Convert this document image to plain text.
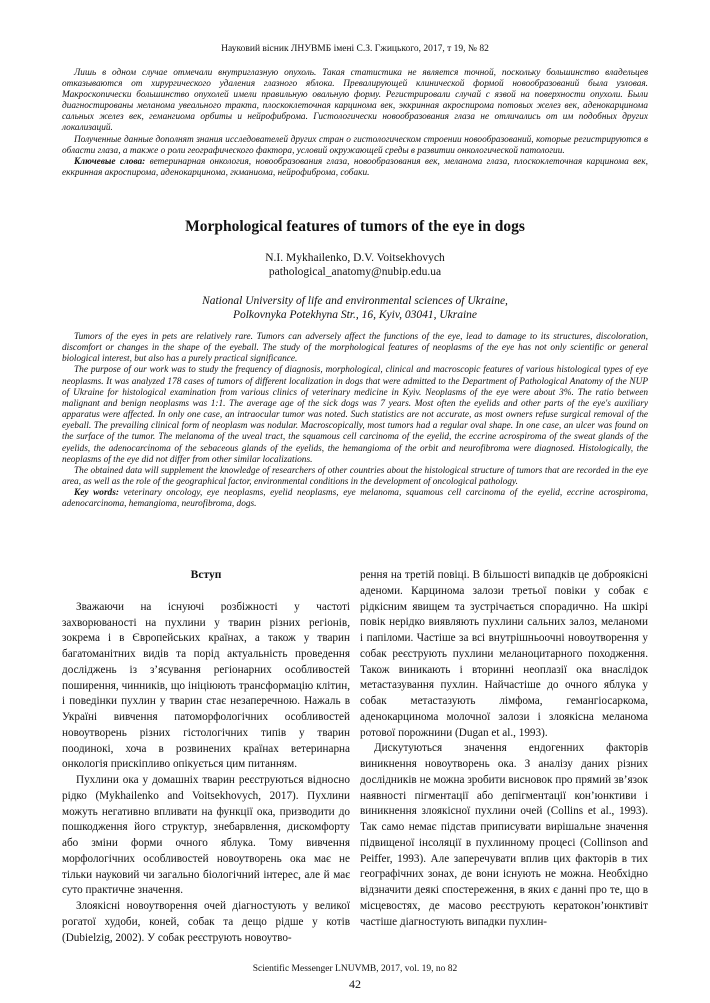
Науковий вісник ЛНУВМБ імені С.З. Гжицького, 2017, т 19, № 82

Лишь в одном случае отмечали внутриглазную опухоль. Такая статистика не является точной, поскольку большинство владельцев отказываются от хирургического удаления глазного яблока. Превалирующей клинической формой новообразований была узловая. Макроскопически большинство опухолей имели правильную овальную форму. Регистрировали случай с язвой на поверхности опухоли. Были диагностированы меланома увеального тракта, плоскоклеточная карцинома век, эккринная акроспирома потовых желез век, аденокарцинома сальных желез век, гемангиома орбиты и нейрофиброма. Гистологически новообразования глаза не отличались от им подобных других локализаций.

Полученные данные дополнят знания исследователей других стран о гистологическом строении новообразований, которые регистрируются в области глаза, а также о роли географического фактора, условий окружающей среды в развитии онкологической патологии.

Ключевые слова: ветеринарная онкология, новообразования глаза, новообразования век, меланома глаза, плоскоклеточная карцинома век, еккринная акроспирома, аденокарцинома, гкманиома, нейрофиброма, собаки.

Morphological features of tumors of the eye in dogs
N.I. Mykhailenko, D.V. Voitsekhovych
pathological_anatomy@nubip.edu.ua
National University of life and environmental sciences of Ukraine,
Polkovnyka Potekhyna Str., 16, Kyiv, 03041, Ukraine

Tumors of the eyes in pets are relatively rare. Tumors can adversely affect the functions of the eye, lead to damage to its structures, discoloration, discomfort or changes in the shape of the eyeball. The study of the morphological features of neoplasms of the eye has not only scientific or general biological interest, but also has a purely practical significance.

The purpose of our work was to study the frequency of diagnosis, morphological, clinical and macroscopic features of various histological types of eye neoplasms. It was analyzed 178 cases of tumors of different localization in dogs that were admitted to the Department of Pathological Anatomy of the NUP of Ukraine for histological examination from various clinics of veterinary medicine in Kyiv. Neoplasms of the eye were about 3%. The ratio between malignant and benign neoplasms was 1:1. The average age of the sick dogs was 7 years. Most often the eyelids and other parts of the eye's auxiliary apparatus were affected. In only one case, an intraocular tumor was noted. Such statistics are not accurate, as most owners refuse surgical removal of the eyeball. The prevailing clinical form of neoplasm was nodular. Macroscopically, most tumors had a regular oval shape. In one case, an ulcer was found on the surface of the tumor. The melanoma of the uveal tract, the squamous cell carcinoma of the eyelid, the eccrine acrospiroma of the sweat glands of the eyelids, the adenocarcinoma of the sebaceous glands of the eyelids, the hemangioma of the orbit and neurofibroma were diagnosed. Histologically, the neoplasms of the eye did not differ from other similar localizations.

The obtained data will supplement the knowledge of researchers of other countries about the histological structure of tumors that are recorded in the eye area, as well as the role of the geographical factor, environmental conditions in the development of oncological pathology.

Key words: veterinary oncology, eye neoplasms, eyelid neoplasms, eye melanoma, squamous cell carcinoma of the eyelid, eccrine acrospiroma, adenocarcinoma, hemangioma, neurofibroma, dogs.

Вступ

Зважаючи на існуючі розбіжності у частоті захворюваності на пухлини у тварин різних регіонів, зокрема і в Європейських країнах, а також у тварин багатоманітних видів та порід актуальність проведення досліджень із з’ясування регіонарних особливостей поширення, чинників, що ініціюють трансформацію клітин, і поведінки пухлин у тварин стає незаперечною. Нажаль в Україні вивчення патоморфологічних особливостей новоутворень різних гістологічних типів у тварин поодинокі, хоча в розвинених країнах ветеринарна онкологія прискіпливо опікується цим питанням.

Пухлини ока у домашніх тварин реєструються відносно рідко (Mykhailenko and Voitsekhovych, 2017). Пухлини можуть негативно впливати на функції ока, призводити до пошкодження його структур, знебарвлення, дискомфорту або зміни форми очного яблука. Тому вивчення морфологічних особливостей новоутворень ока має не тільки науковий чи загально біологічний інтерес, але й має суто практичне значення.

Злоякісні новоутворення очей діагностують у великої рогатої худоби, коней, собак та дещо рідше у котів (Dubielzig, 2002). У собак реєструють новоутво-

рення на третій повіці. В більшості випадків це доброякісні аденоми. Карцинома залози третьої повіки у собак є рідкісним явищем та зустрічається спорадично. На шкірі повік нерідко виявляють пухлини сальних залоз, меланоми і папіломи. Частіше за всі внутрішньоочні новоутворення у собак реєструють пухлини меланоцитарного походження. Також виникають і вторинні неоплазії ока внаслідок метастазування пухлин. Найчастіше до очного яблука у собак метастазують лімфома, гемангіосаркома, аденокарцинома молочної залози і злоякісна меланома ротової порожнини (Dugan et al., 1993).

Дискутуються значення ендогенних факторів виникнення новоутворень ока. З аналізу даних різних дослідників не можна зробити висновок про прямий зв’язок наявності пігментації або депігментації кон’юнктиви і виникнення злоякісної пухлини очей (Collins et al., 1993). Так само немає підстав приписувати вирішальне значення підвищеної інсоляції в пухлинному процесі (Collinson and Peiffer, 1993). Але заперечувати вплив цих факторів в тих географічних зонах, де вони існують не можна. Необхідно відзначити деякі спостереження, в яких є данні про те, що в місцевостях, де масово реєструють кератокон’юнктивіт частіше діагностують випадки пухлин-

Scientific Messenger LNUVMB, 2017, vol. 19, no 82
42
